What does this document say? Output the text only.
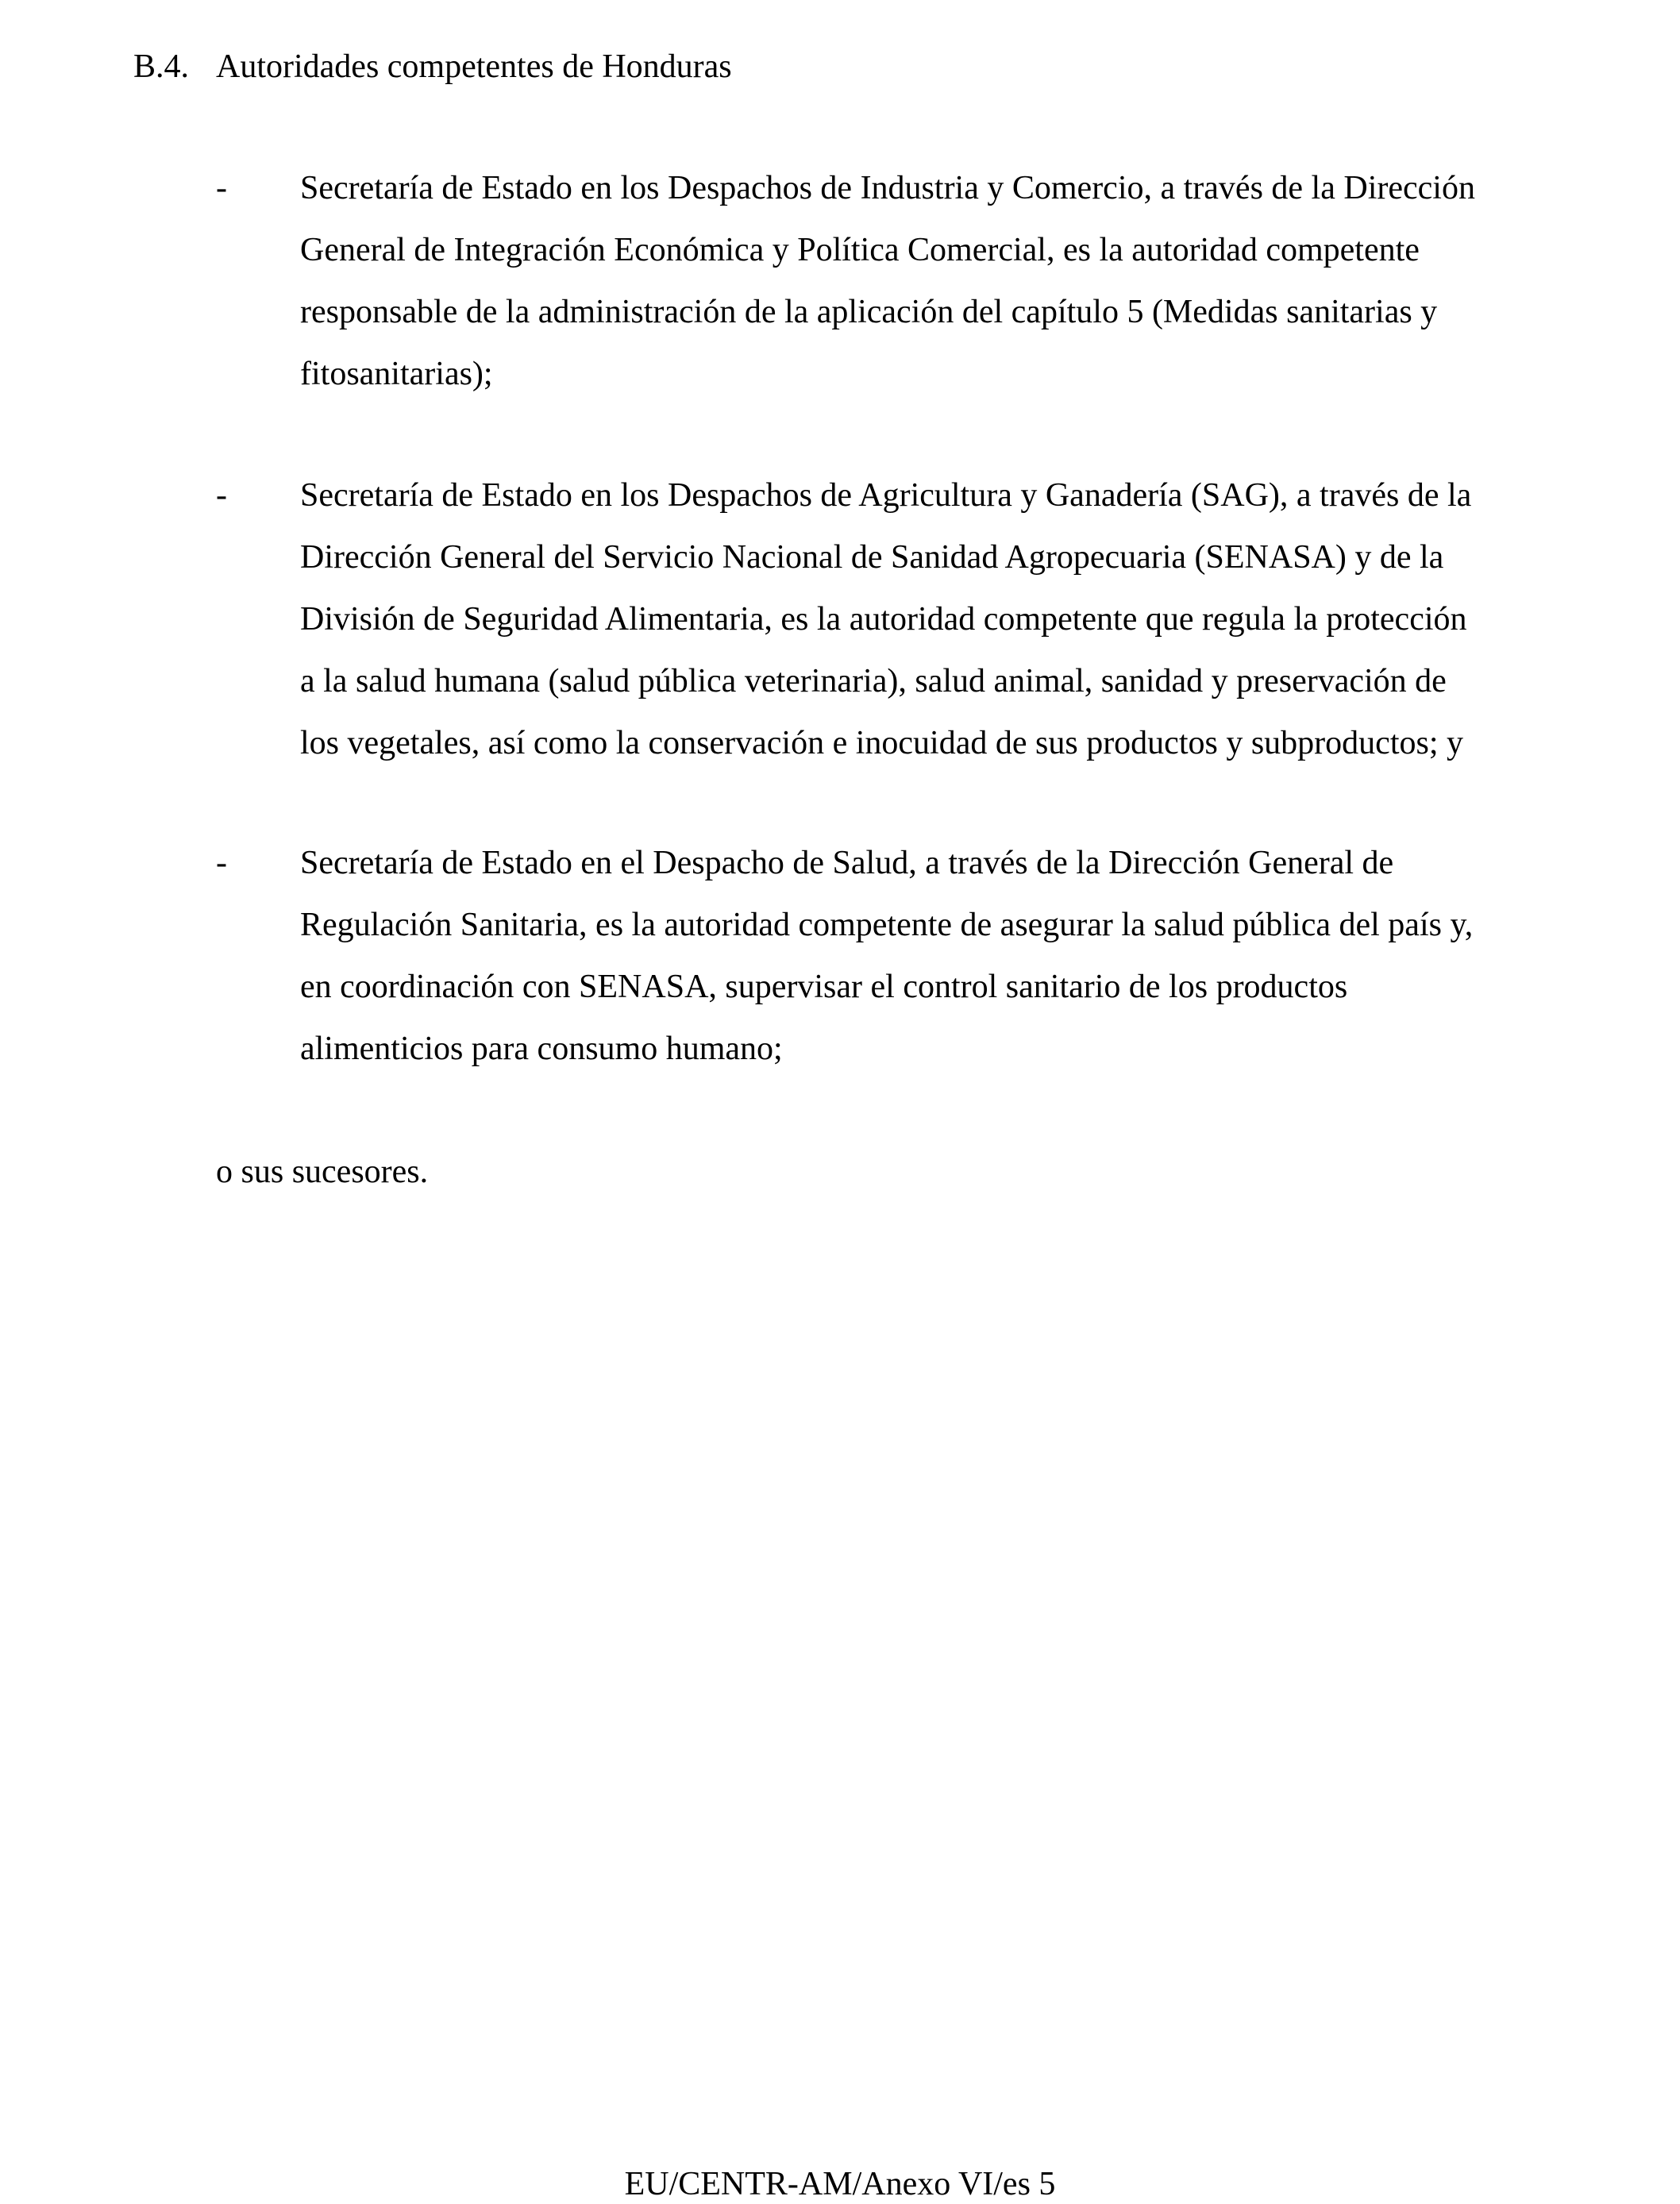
B.4. Autoridades competentes de Honduras
- Secretaría de Estado en los Despachos de Industria y Comercio, a través de la Dirección
General de Integración Económica y Política Comercial, es la autoridad competente
responsable de la administración de la aplicación del capítulo 5 (Medidas sanitarias y
fitosanitarias);
- Secretaría de Estado en los Despachos de Agricultura y Ganadería (SAG), a través de la
Dirección General del Servicio Nacional de Sanidad Agropecuaria (SENASA) y de la
División de Seguridad Alimentaria, es la autoridad competente que regula la protección
a la salud humana (salud pública veterinaria), salud animal, sanidad y preservación de
los vegetales, así como la conservación e inocuidad de sus productos y subproductos; y
- Secretaría de Estado en el Despacho de Salud, a través de la Dirección General de
Regulación Sanitaria, es la autoridad competente de asegurar la salud pública del país y,
en coordinación con SENASA, supervisar el control sanitario de los productos
alimenticios para consumo humano;
o sus sucesores.
EU/CENTR-AM/Anexo VI/es 5
